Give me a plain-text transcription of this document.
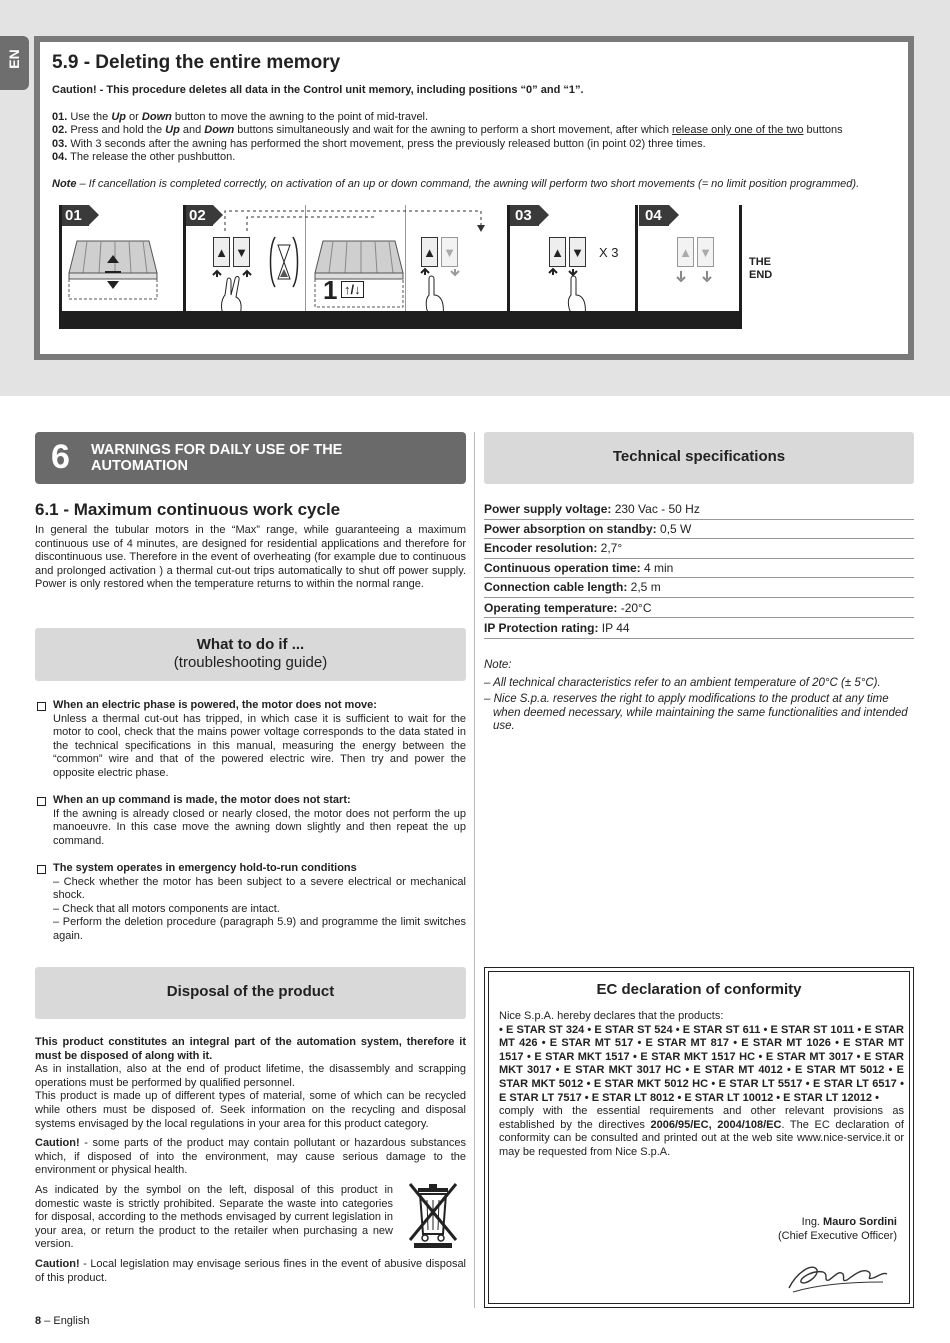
EN 5.9 - Deleting the entire memory
Caution! - This procedure deletes all data in the Control unit memory, including positions “0” and “1”.
01. Use the Up or Down button to move the awning to the point of mid-travel.
02. Press and hold the Up and Down buttons simultaneously and wait for the awning to perform a short movement, after which release only one of the two buttons
03. With 3 seconds after the awning has performed the short movement, press the previously released button (in point 02) three times.
04. The release the other pushbutton.
Note – If cancellation is completed correctly, on activation of an up or down command, the awning will perform two short movements (= no limit position programmed).
01	02
▲ ▼
1 ↑/↓
▲ ▼
03
▲ ▼ X 3
04
▲ ▼
THE END
6 WARNINGS FOR DAILY USE OF THE AUTOMATION
6.1 - Maximum continuous work cycle
In general the tubular motors in the “Max” range, while guaranteeing a maximum continuous use of 4 minutes, are designed for residential applications and therefore for discontinuous use. Therefore in the event of overheating (for example due to continuous and prolonged activation ) a thermal cut-out trips automatically to shut off power supply. Power is only restored when the temperature returns to within the normal range.
What to do if ...
(troubleshooting guide)
When an electric phase is powered, the motor does not move:
Unless a thermal cut-out has tripped, in which case it is sufficient to wait for the motor to cool, check that the mains power voltage corresponds to the data stated in the technical specifications in this manual, measuring the energy between the “common” wire and that of the powered electric wire. Then try and power the opposite electric phase.
When an up command is made, the motor does not start:
If the awning is already closed or nearly closed, the motor does not perform the up manoeuvre. In this case move the awning down slightly and then repeat the up command.
The system operates in emergency hold-to-run conditions
– Check whether the motor has been subject to a severe electrical or mechanical shock.
– Check that all motors components are intact.
– Perform the deletion procedure (paragraph 5.9) and programme the limit switches again.
Disposal of the product
This product constitutes an integral part of the automation system, therefore it must be disposed of along with it.
As in installation, also at the end of product lifetime, the disassembly and scrapping operations must be performed by qualified personnel.
This product is made up of different types of material, some of which can be recycled while others must be disposed of. Seek information on the recycling and disposal systems envisaged by the local regulations in your area for this product category.
Caution! - some parts of the product may contain pollutant or hazardous substances which, if disposed of into the environment, may cause serious damage to the environment or physical health.
As indicated by the symbol on the left, disposal of this product in domestic waste is strictly prohibited. Separate the waste into categories for disposal, according to the methods envisaged by current legislation in your area, or return the product to the retailer when purchasing a new version.
Caution! - Local legislation may envisage serious fines in the event of abusive disposal of this product.
Technical specifications
Power supply voltage: 230 Vac - 50 Hz
Power absorption on standby: 0,5 W
Encoder resolution: 2,7°
Continuous operation time: 4 min
Connection cable length: 2,5 m
Operating temperature: -20°C
IP Protection rating: IP 44
Note:
– All technical characteristics refer to an ambient temperature of 20°C (± 5°C).
– Nice S.p.a. reserves the right to apply modifications to the product at any time when deemed necessary, while maintaining the same functionalities and intended use.
EC declaration of conformity
Nice S.p.A. hereby declares that the products:
• E STAR ST 324 • E STAR ST 524 • E STAR ST 611 • E STAR ST 1011 • E STAR MT 426 • E STAR MT 517 • E STAR MT 817 • E STAR MT 1026 • E STAR MT 1517 • E STAR MKT 1517 • E STAR MKT 1517 HC • E STAR MT 3017 • E STAR MKT 3017 • E STAR MKT 3017 HC • E STAR MT 4012 • E STAR MT 5012 • E STAR MKT 5012 • E STAR MKT 5012 HC • E STAR LT 5517 • E STAR LT 6517 • E STAR LT 7517 • E STAR LT 8012 • E STAR LT 10012 • E STAR LT 12012 •
comply with the essential requirements and other relevant provisions as established by the directives 2006/95/EC, 2004/108/EC. The EC declaration of conformity can be consulted and printed out at the web site www.nice-service.it or may be requested from Nice S.p.A.
Ing. Mauro Sordini
(Chief Executive Officer)
8 – English
